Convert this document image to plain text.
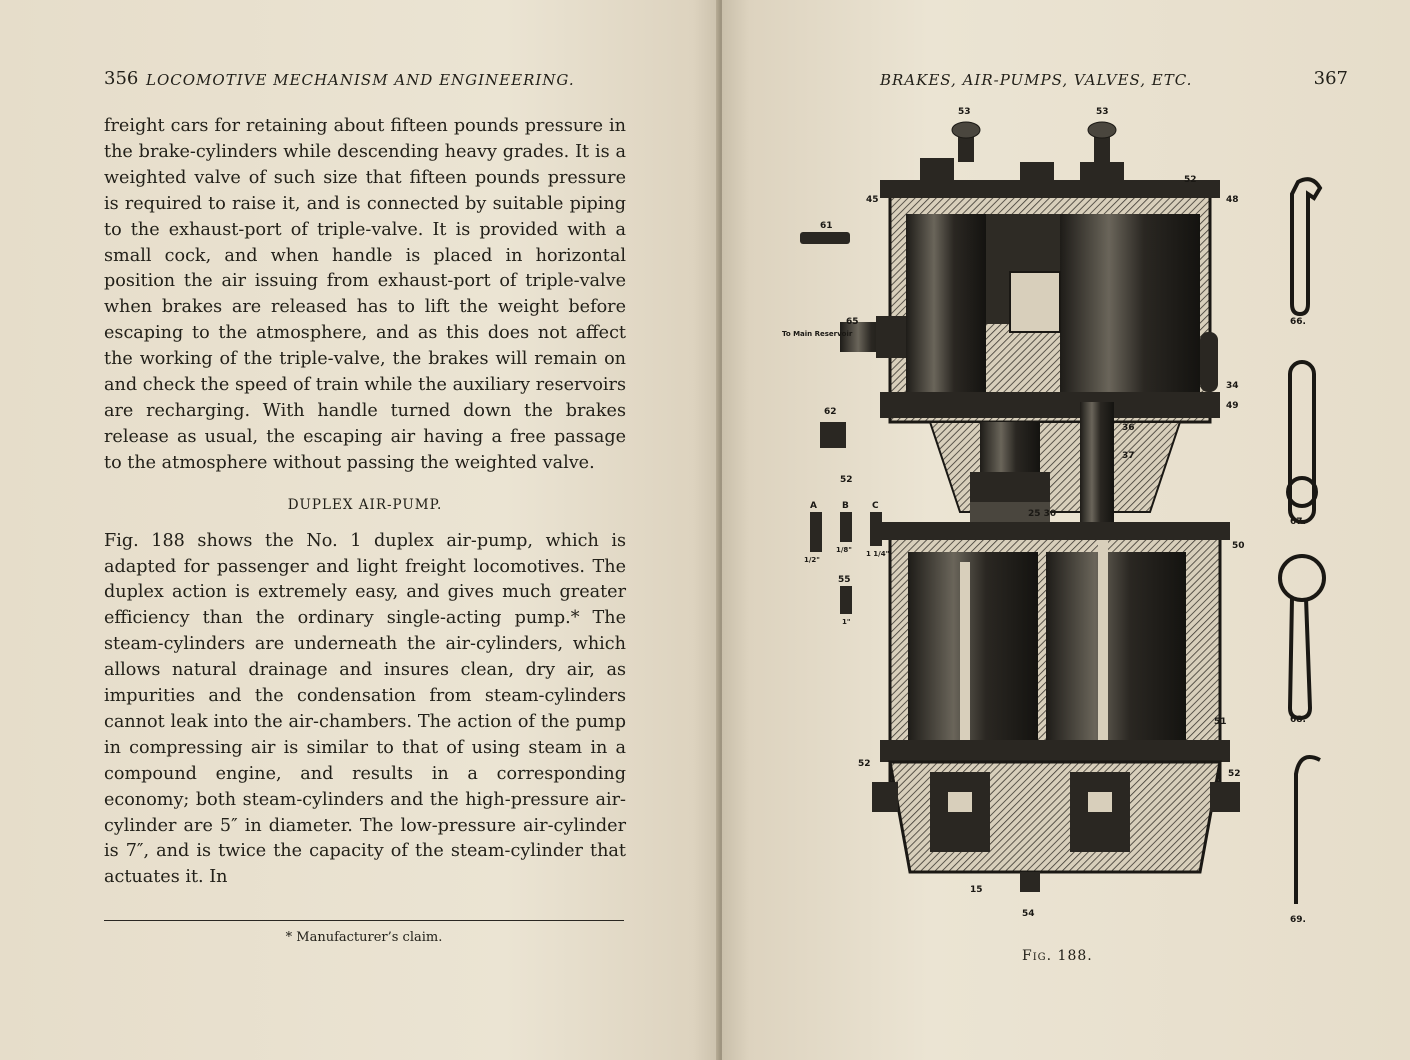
356 LOCOMOTIVE MECHANISM AND ENGINEERING.

freight cars for retaining about fifteen pounds pressure in the brake-cylinders while descending heavy grades. It is a weighted valve of such size that fifteen pounds pressure is required to raise it, and is connected by suitable piping to the exhaust-port of triple-valve. It is provided with a small cock, and when handle is placed in horizontal position the air issuing from exhaust-port of triple-valve when brakes are released has to lift the weight before escaping to the atmosphere, and as this does not affect the working of the triple-valve, the brakes will remain on and check the speed of train while the auxiliary reservoirs are recharging. With handle turned down the brakes release as usual, the escaping air having a free passage to the atmosphere without passing the weighted valve.

DUPLEX AIR-PUMP.

Fig. 188 shows the No. 1 duplex air-pump, which is adapted for passenger and light freight locomotives. The duplex action is extremely easy, and gives much greater efficiency than the ordinary single-acting pump.* The steam-cylinders are underneath the air-cylinders, which allows natural drainage and insures clean, dry air, as impurities and the condensation from steam-cylinders cannot leak into the air-chambers. The action of the pump in compressing air is similar to that of using steam in a compound engine, and results in a corresponding economy; both steam-cylinders and the high-pressure air-cylinder are 5″ in diameter. The low-pressure air-cylinder is 7″, and is twice the capacity of the steam-cylinder that actuates it. In

* Manufacturer’s claim.
BRAKES, AIR-PUMPS, VALVES, ETC.	367
53	53
52
45	48
61
To Main Reservoir
65
62
34
49
36
37
52
A	B	C
1/2"
1/8" 1 1/4"
55
1"
25 30
50
51
52
52
15
54
66.
67.
68.
69.
Fig. 188.
